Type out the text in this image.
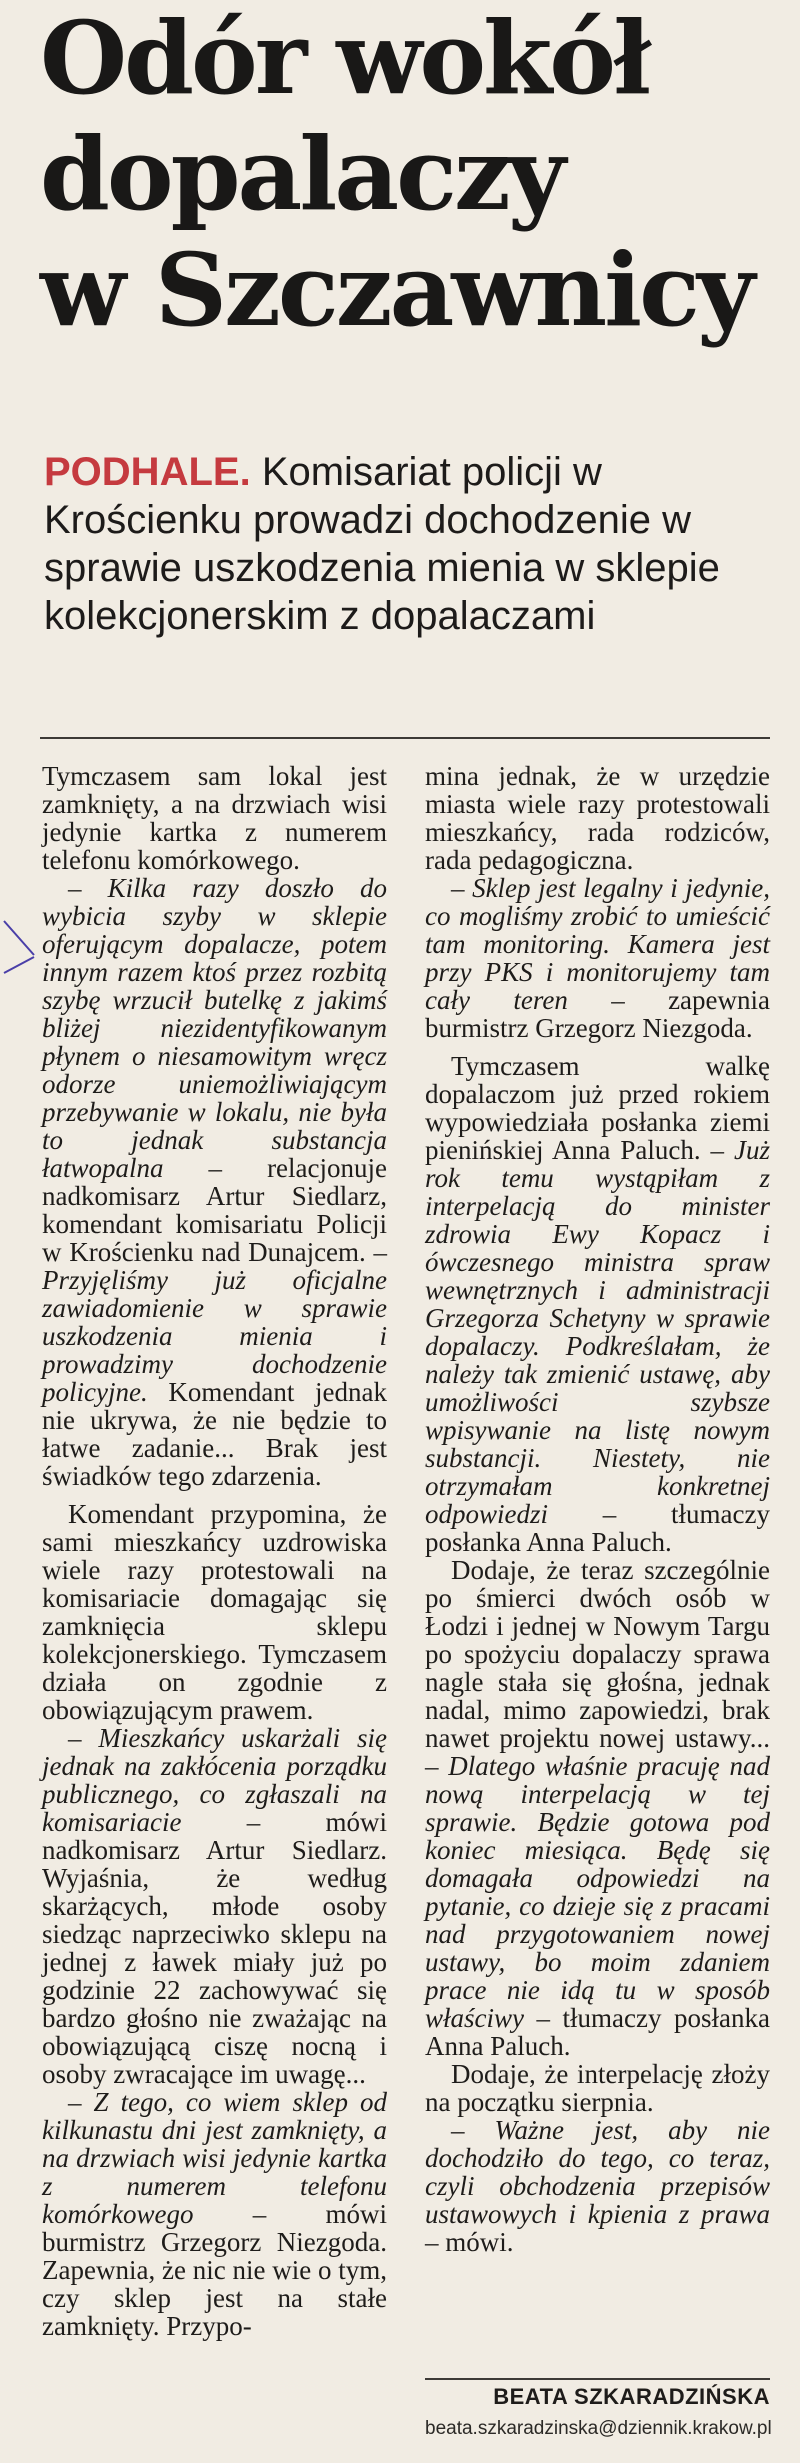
Odór wokół
dopalaczy
w Szczawnicy

PODHALE. Komisariat policji w Krościenku prowadzi dochodzenie w sprawie uszkodzenia mienia w sklepie kolekcjonerskim z dopalaczami

Tymczasem sam lokal jest zamknięty, a na drzwiach wisi jedynie kartka z numerem telefonu komórkowego.

– Kilka razy doszło do wybicia szyby w sklepie oferującym dopalacze, potem innym razem ktoś przez rozbitą szybę wrzucił butelkę z jakimś bliżej niezidentyfikowanym płynem o niesamowitym wręcz odorze uniemożliwiającym przebywanie w lokalu, nie była to jednak substancja łatwopalna – relacjonuje nadkomisarz Artur Siedlarz, komendant komisariatu Policji w Krościenku nad Dunajcem. – Przyjęliśmy już oficjalne zawiadomienie w sprawie uszkodzenia mienia i prowadzimy dochodzenie policyjne. Komendant jednak nie ukrywa, że nie będzie to łatwe zadanie... Brak jest świadków tego zdarzenia.

Komendant przypomina, że sami mieszkańcy uzdrowiska wiele razy protestowali na komisariacie domagając się zamknięcia sklepu kolekcjonerskiego. Tymczasem działa on zgodnie z obowiązującym prawem.

– Mieszkańcy uskarżali się jednak na zakłócenia porządku publicznego, co zgłaszali na komisariacie – mówi nadkomisarz Artur Siedlarz. Wyjaśnia, że według skarżących, młode osoby siedząc naprzeciwko sklepu na jednej z ławek miały już po godzinie 22 zachowywać się bardzo głośno nie zważając na obowiązującą ciszę nocną i osoby zwracające im uwagę...

– Z tego, co wiem sklep od kilkunastu dni jest zamknięty, a na drzwiach wisi jedynie kartka z numerem telefonu komórkowego – mówi burmistrz Grzegorz Niezgoda. Zapewnia, że nic nie wie o tym, czy sklep jest na stałe zamknięty. Przypo-

mina jednak, że w urzędzie miasta wiele razy protestowali mieszkańcy, rada rodziców, rada pedagogiczna.

– Sklep jest legalny i jedynie, co mogliśmy zrobić to umieścić tam monitoring. Kamera jest przy PKS i monitorujemy tam cały teren – zapewnia burmistrz Grzegorz Niezgoda.

Tymczasem walkę dopalaczom już przed rokiem wypowiedziała posłanka ziemi pienińskiej Anna Paluch. – Już rok temu wystąpiłam z interpelacją do minister zdrowia Ewy Kopacz i ówczesnego ministra spraw wewnętrznych i administracji Grzegorza Schetyny w sprawie dopalaczy. Podkreślałam, że należy tak zmienić ustawę, aby umożliwości szybsze wpisywanie na listę nowym substancji. Niestety, nie otrzymałam konkretnej odpowiedzi – tłumaczy posłanka Anna Paluch.

Dodaje, że teraz szczególnie po śmierci dwóch osób w Łodzi i jednej w Nowym Targu po spożyciu dopalaczy sprawa nagle stała się głośna, jednak nadal, mimo zapowiedzi, brak nawet projektu nowej ustawy... – Dlatego właśnie pracuję nad nową interpelacją w tej sprawie. Będzie gotowa pod koniec miesiąca. Będę się domagała odpowiedzi na pytanie, co dzieje się z pracami nad przygotowaniem nowej ustawy, bo moim zdaniem prace nie idą tu w sposób właściwy – tłumaczy posłanka Anna Paluch.

Dodaje, że interpelację złoży na początku sierpnia.

– Ważne jest, aby nie dochodziło do tego, co teraz, czyli obchodzenia przepisów ustawowych i kpienia z prawa – mówi.

BEATA SZKARADZIŃSKA
beata.szkaradzinska@dziennik.krakow.pl
